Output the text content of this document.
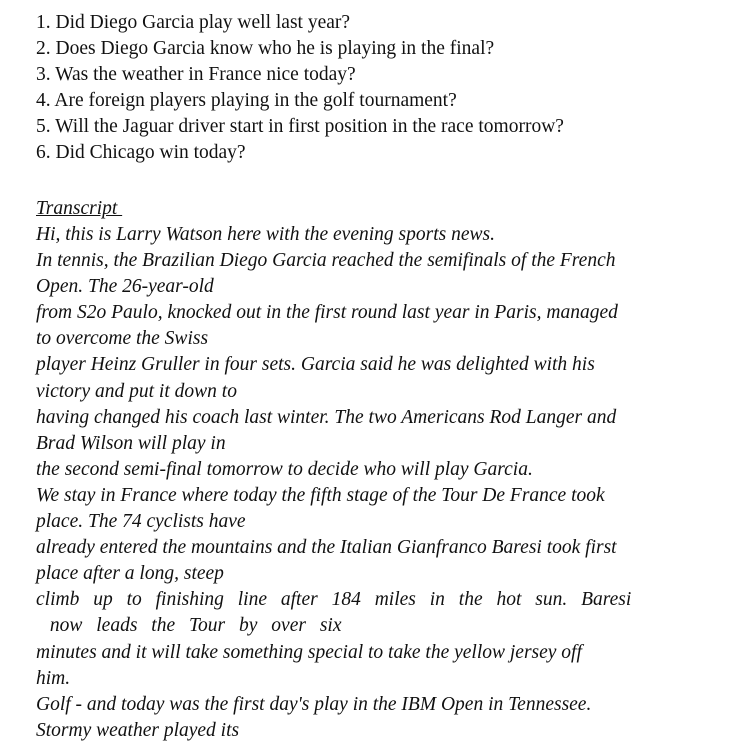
1. Did Diego Garcia play well last year?
2. Does Diego Garcia know who he is playing in the final?
3. Was the weather in France nice today?
4. Are foreign players playing in the golf tournament?
5. Will the Jaguar driver start in first position in the race tomorrow?
6. Did Chicago win today?
Transcript
Hi, this is Larry Watson here with the evening sports news.
In tennis, the Brazilian Diego Garcia reached the semifinals of the French
Open. The 26-year-old
from S2o Paulo, knocked out in the first round last year in Paris, managed
to overcome the Swiss
player Heinz Gruller in four sets. Garcia said he was delighted with his
victory and put it down to
having changed his coach last winter. The two Americans Rod Langer and
Brad Wilson will play in
the second semi-final tomorrow to decide who will play Garcia.
We stay in France where today the fifth stage of the Tour De France took
place. The 74 cyclists have
already entered the mountains and the Italian Gianfranco Baresi took first
place after a long, steep
climb up to finishing line after 184 miles in the hot sun. Baresi
now leads the Tour by over six
minutes and it will take something special to take the yellow jersey off
him.
Golf - and today was the first day's play in the IBM Open in Tennessee.
Stormy weather played its
